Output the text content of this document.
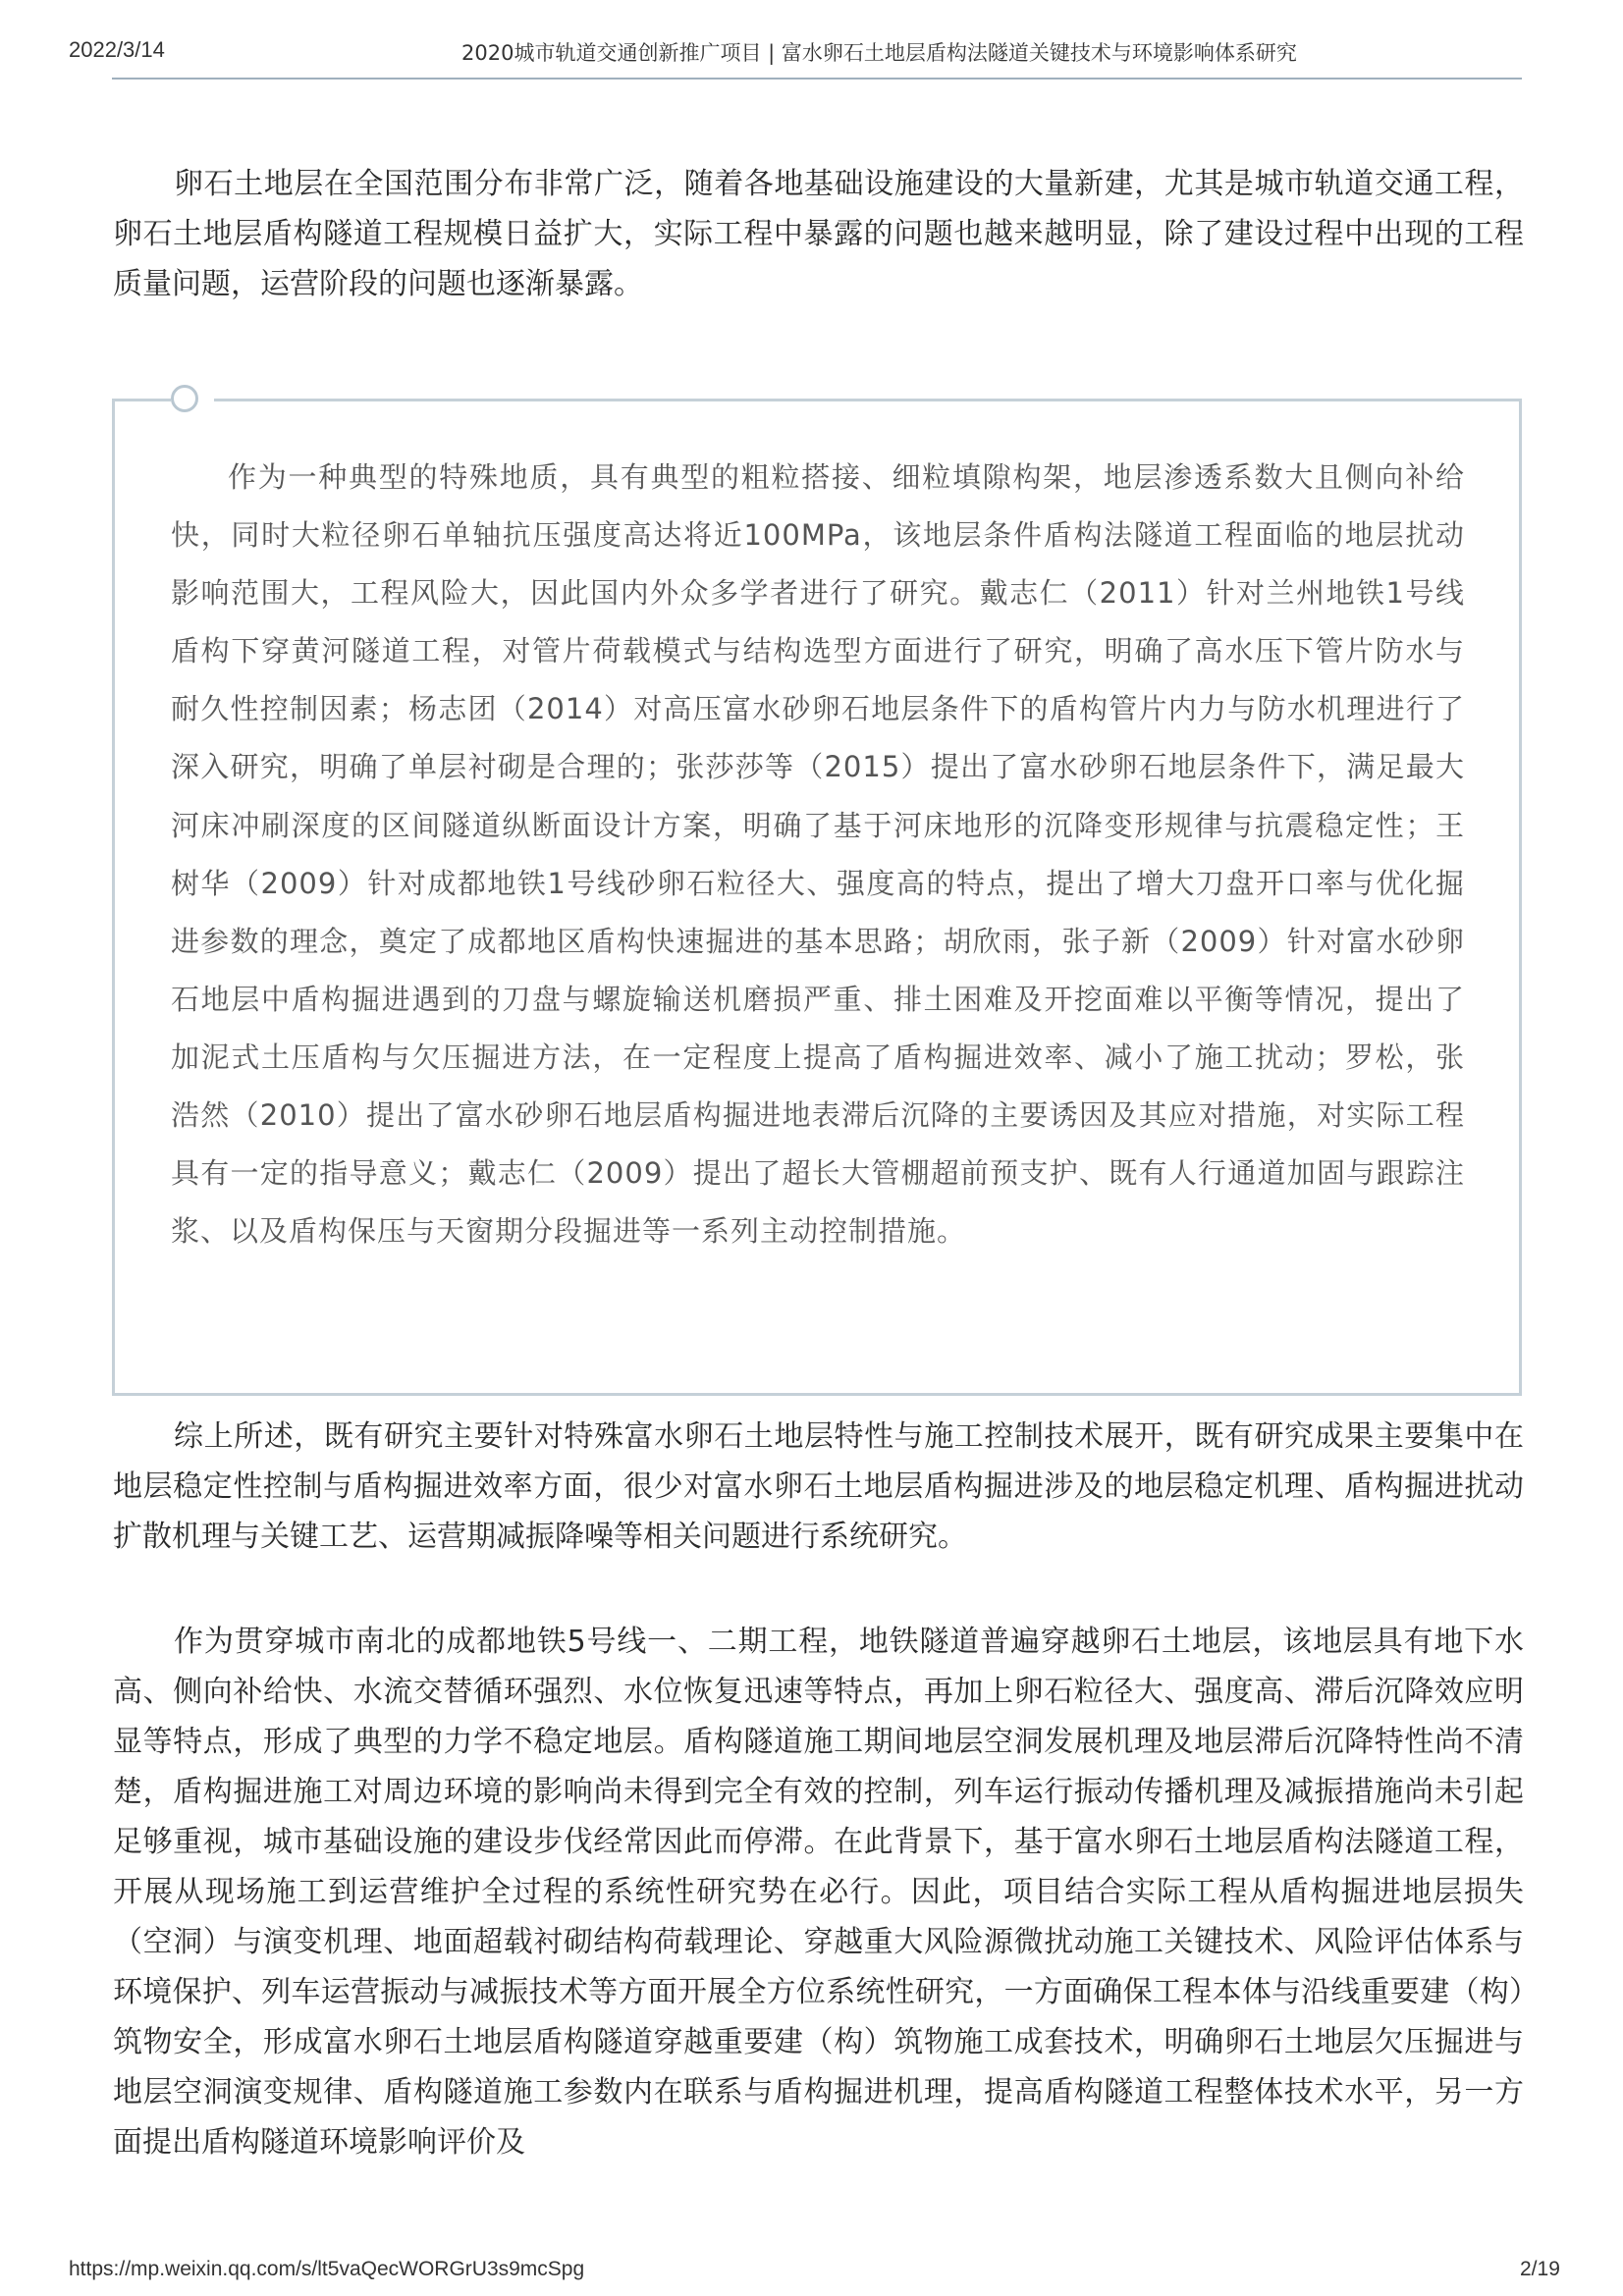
2022/3/14	2020城市轨道交通创新推广项目 | 富水卵石土地层盾构法隧道关键技术与环境影响体系研究

卵石土地层在全国范围分布非常广泛，随着各地基础设施建设的大量新建，尤其是城市轨道交通工程，卵石土地层盾构隧道工程规模日益扩大，实际工程中暴露的问题也越来越明显，除了建设过程中出现的工程质量问题，运营阶段的问题也逐渐暴露。

作为一种典型的特殊地质，具有典型的粗粒搭接、细粒填隙构架，地层渗透系数大且侧向补给快，同时大粒径卵石单轴抗压强度高达将近100MPa，该地层条件盾构法隧道工程面临的地层扰动影响范围大，工程风险大，因此国内外众多学者进行了研究。戴志仁（2011）针对兰州地铁1号线盾构下穿黄河隧道工程，对管片荷载模式与结构选型方面进行了研究，明确了高水压下管片防水与耐久性控制因素；杨志团（2014）对高压富水砂卵石地层条件下的盾构管片内力与防水机理进行了深入研究，明确了单层衬砌是合理的；张莎莎等（2015）提出了富水砂卵石地层条件下，满足最大河床冲刷深度的区间隧道纵断面设计方案，明确了基于河床地形的沉降变形规律与抗震稳定性；王树华（2009）针对成都地铁1号线砂卵石粒径大、强度高的特点，提出了增大刀盘开口率与优化掘进参数的理念，奠定了成都地区盾构快速掘进的基本思路；胡欣雨，张子新（2009）针对富水砂卵石地层中盾构掘进遇到的刀盘与螺旋输送机磨损严重、排土困难及开挖面难以平衡等情况，提出了加泥式土压盾构与欠压掘进方法，在一定程度上提高了盾构掘进效率、减小了施工扰动；罗松，张浩然（2010）提出了富水砂卵石地层盾构掘进地表滞后沉降的主要诱因及其应对措施，对实际工程具有一定的指导意义；戴志仁（2009）提出了超长大管棚超前预支护、既有人行通道加固与跟踪注浆、以及盾构保压与天窗期分段掘进等一系列主动控制措施。

综上所述，既有研究主要针对特殊富水卵石土地层特性与施工控制技术展开，既有研究成果主要集中在地层稳定性控制与盾构掘进效率方面，很少对富水卵石土地层盾构掘进涉及的地层稳定机理、盾构掘进扰动扩散机理与关键工艺、运营期减振降噪等相关问题进行系统研究。

作为贯穿城市南北的成都地铁5号线一、二期工程，地铁隧道普遍穿越卵石土地层，该地层具有地下水高、侧向补给快、水流交替循环强烈、水位恢复迅速等特点，再加上卵石粒径大、强度高、滞后沉降效应明显等特点，形成了典型的力学不稳定地层。盾构隧道施工期间地层空洞发展机理及地层滞后沉降特性尚不清楚，盾构掘进施工对周边环境的影响尚未得到完全有效的控制，列车运行振动传播机理及减振措施尚未引起足够重视，城市基础设施的建设步伐经常因此而停滞。在此背景下，基于富水卵石土地层盾构法隧道工程，开展从现场施工到运营维护全过程的系统性研究势在必行。因此，项目结合实际工程从盾构掘进地层损失（空洞）与演变机理、地面超载衬砌结构荷载理论、穿越重大风险源微扰动施工关键技术、风险评估体系与环境保护、列车运营振动与减振技术等方面开展全方位系统性研究，一方面确保工程本体与沿线重要建（构）筑物安全，形成富水卵石土地层盾构隧道穿越重要建（构）筑物施工成套技术，明确卵石土地层欠压掘进与地层空洞演变规律、盾构隧道施工参数内在联系与盾构掘进机理，提高盾构隧道工程整体技术水平，另一方面提出盾构隧道环境影响评价及

https://mp.weixin.qq.com/s/lt5vaQecWORGrU3s9mcSpg	2/19
